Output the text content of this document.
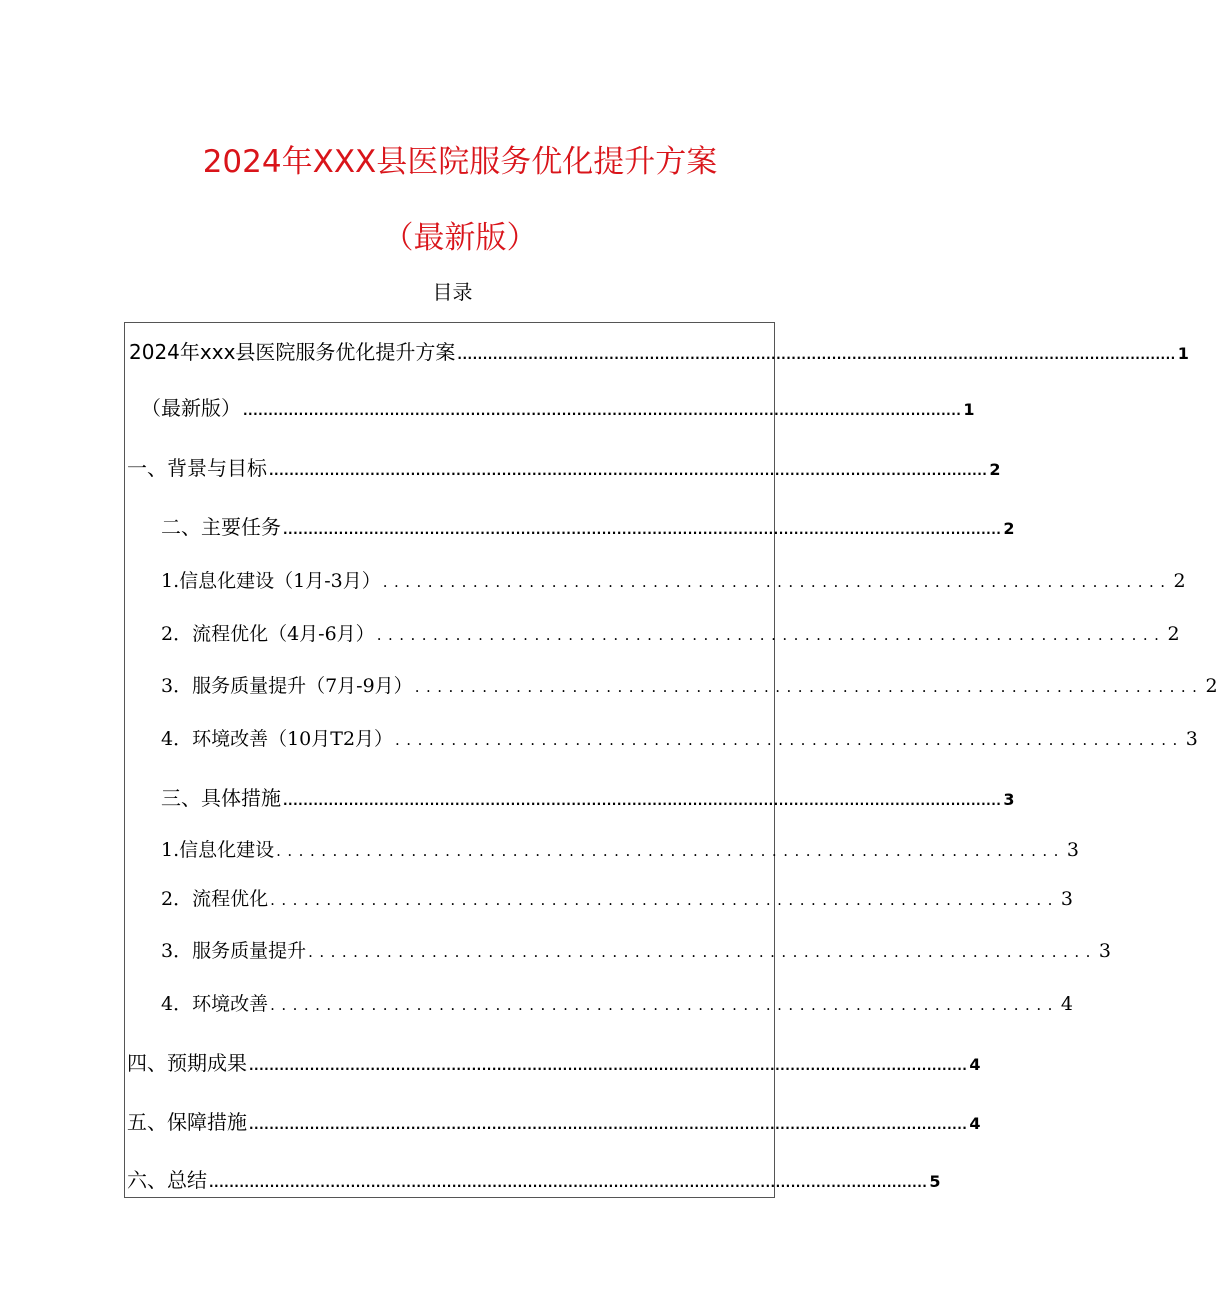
2024年XXX县医院服务优化提升方案
（最新版）
目录
2024年xxx县医院服务优化提升方案 .............................................................................................................................................. 1
（最新版） .............................................................................................................................................. 1
一、背景与目标 .............................................................................................................................................. 2
二、主要任务 .............................................................................................................................................. 2
1.信息化建设（1月-3月） ...................................................................... 2
2．流程优化（4月-6月） ...................................................................... 2
3．服务质量提升（7月-9月） ...................................................................... 2
4．环境改善（10月T2月） ...................................................................... 3
三、具体措施 .............................................................................................................................................. 3
1.信息化建设 ...................................................................... 3
2．流程优化 ...................................................................... 3
3．服务质量提升 ...................................................................... 3
4．环境改善 ...................................................................... 4
四、预期成果 .............................................................................................................................................. 4
五、保障措施 .............................................................................................................................................. 4
六、总结 .............................................................................................................................................. 5
